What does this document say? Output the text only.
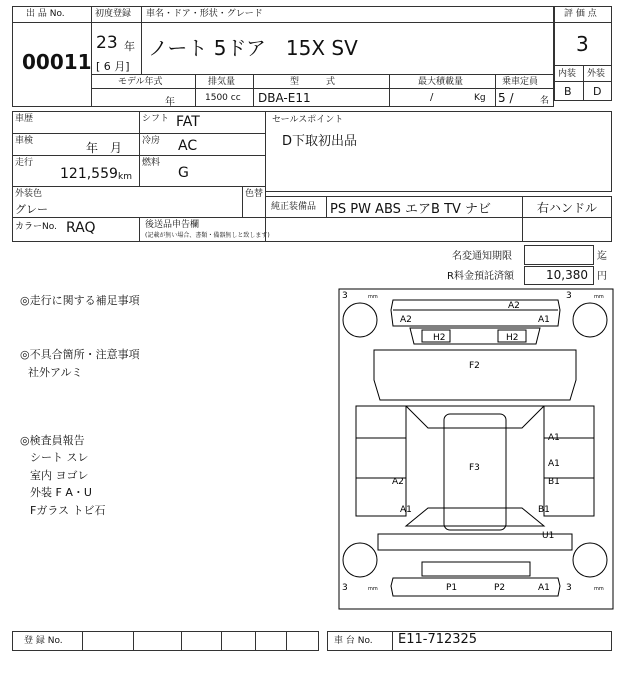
出 品 No.
00011
初度登録
23 年
[ 6 月]
車名・ドア・形状・グレード
ノート 5ドア　15X SV
評 価 点
3
内装 外装
B D
モデル年式
年
排気量
1500 cc
型　　　式
DBA-E11
最大積載量
/	Kg
乗車定員
5 /	名
車歴	シフト FAT
車検	年　月 冷房 AC
走行
121,559 km
燃料
G
外装色
グレー
色替
カラーNo. RAQ	後送品申告欄
(記載が無い場合、書類・備器無しと致します)
セールスポイント
D下取初出品
純正装備品 PS PW ABS エアB TV ナビ	右ハンドル
名変通知期限	迄
R料金預託済額	10,380 円
◎走行に関する補足事項
◎不具合箇所・注意事項
社外アルミ
◎検査員報告
シート スレ
室内 ヨゴレ
外装 F A・U
Fガラス トビ石
3	mm	3	mm
3	mm	3	mm
A2
A2	A1
H2	H2
F2
A1
A1
F3
B1
A2
A1	B1
U1
P1	P2	A1
登 録 No.	車 台 No. E11-712325
